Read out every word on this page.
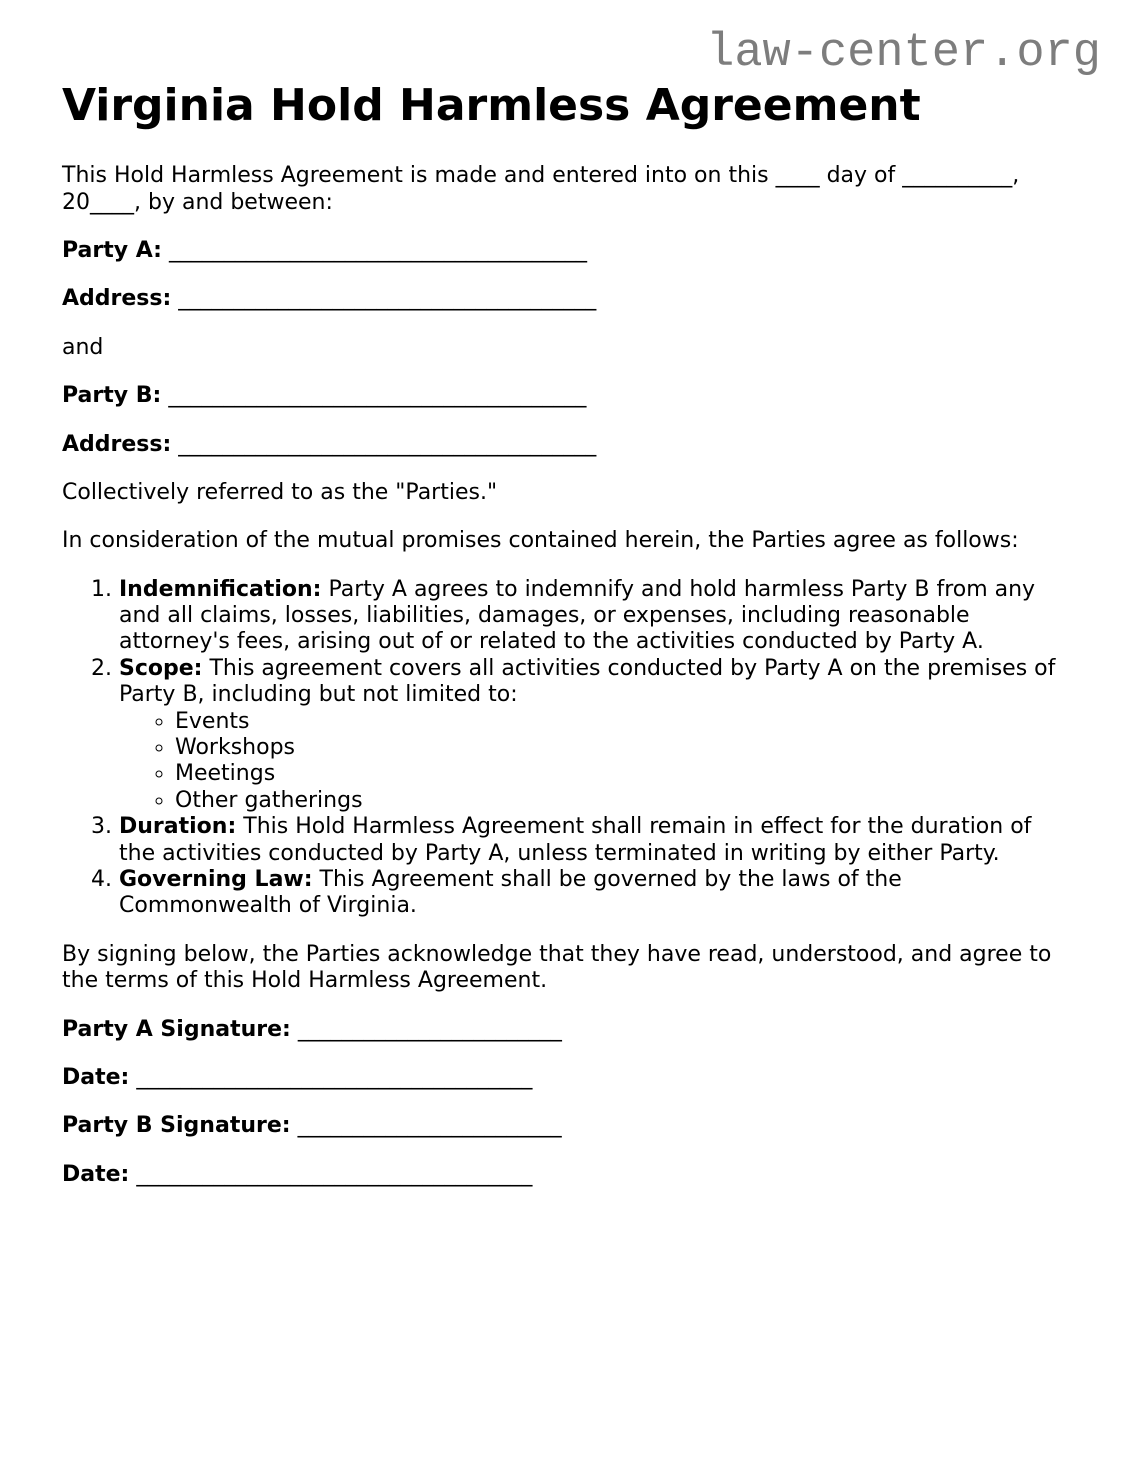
law-center.org
Virginia Hold Harmless Agreement

This Hold Harmless Agreement is made and entered into on this ____ day of __________, 20____, by and between:

Party A: ______________________________________

Address: ______________________________________

and

Party B: ______________________________________

Address: ______________________________________

Collectively referred to as the "Parties."

In consideration of the mutual promises contained herein, the Parties agree as follows:

1. Indemnification: Party A agrees to indemnify and hold harmless Party B from any and all claims, losses, liabilities, damages, or expenses, including reasonable attorney's fees, arising out of or related to the activities conducted by Party A.
2. Scope: This agreement covers all activities conducted by Party A on the premises of Party B, including but not limited to:
◦ Events
◦ Workshops
◦ Meetings
◦ Other gatherings
3. Duration: This Hold Harmless Agreement shall remain in effect for the duration of the activities conducted by Party A, unless terminated in writing by either Party.
4. Governing Law: This Agreement shall be governed by the laws of the Commonwealth of Virginia.

By signing below, the Parties acknowledge that they have read, understood, and agree to the terms of this Hold Harmless Agreement.

Party A Signature: ________________________

Date: ____________________________________

Party B Signature: ________________________

Date: ____________________________________
